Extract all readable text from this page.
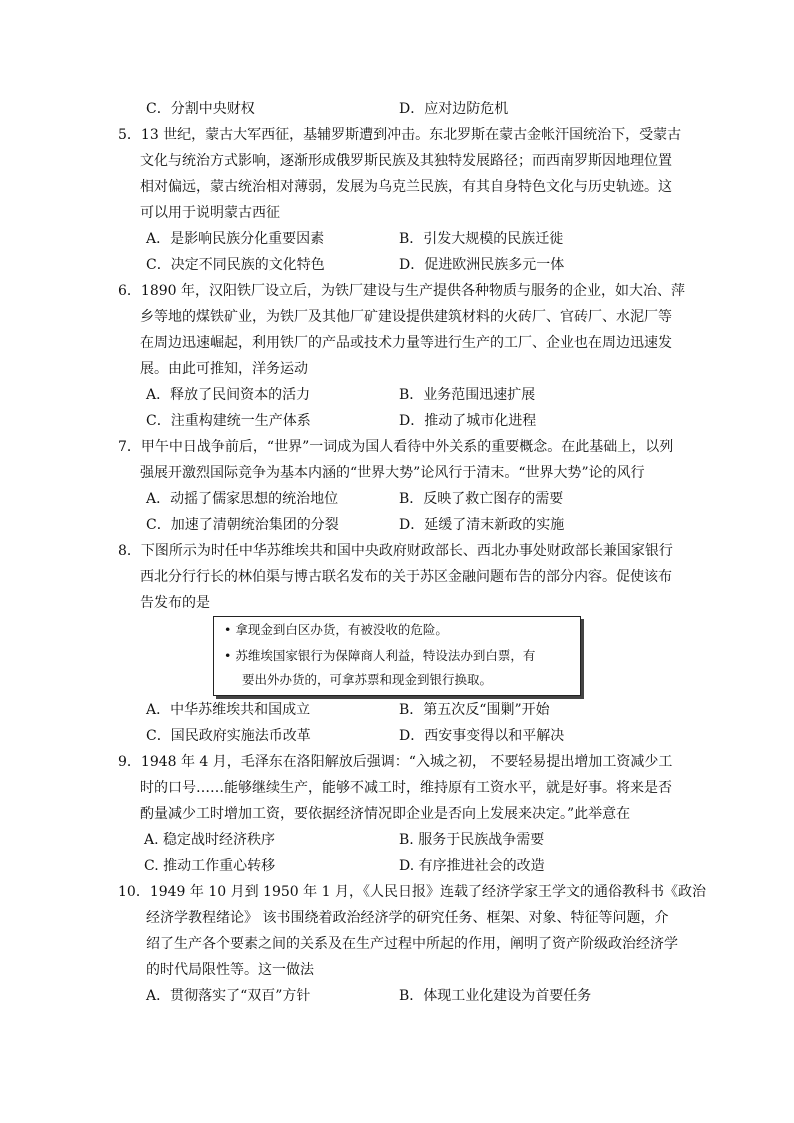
C．分割中央财权	D．应对边防危机
5．13 世纪，蒙古大军西征，基辅罗斯遭到冲击。东北罗斯在蒙古金帐汗国统治下，受蒙古
文化与统治方式影响，逐渐形成俄罗斯民族及其独特发展路径；而西南罗斯因地理位置
相对偏远，蒙古统治相对薄弱，发展为乌克兰民族，有其自身特色文化与历史轨迹。这
可以用于说明蒙古西征
A．是影响民族分化重要因素	B．引发大规模的民族迁徙
C．决定不同民族的文化特色	D．促进欧洲民族多元一体
6．1890 年，汉阳铁厂设立后，为铁厂建设与生产提供各种物质与服务的企业，如大冶、萍
乡等地的煤铁矿业，为铁厂及其他厂矿建设提供建筑材料的火砖厂、官砖厂、水泥厂等
在周边迅速崛起，利用铁厂的产品或技术力量等进行生产的工厂、企业也在周边迅速发
展。由此可推知，洋务运动
A．释放了民间资本的活力	B．业务范围迅速扩展
C．注重构建统一生产体系	D．推动了城市化进程
7．甲午中日战争前后，“世界”一词成为国人看待中外关系的重要概念。在此基础上，以列
强展开激烈国际竞争为基本内涵的“世界大势”论风行于清末。“世界大势”论的风行
A．动摇了儒家思想的统治地位	B．反映了救亡图存的需要
C．加速了清朝统治集团的分裂	D．延缓了清末新政的实施
8．下图所示为时任中华苏维埃共和国中央政府财政部长、西北办事处财政部长兼国家银行
西北分行行长的林伯渠与博古联名发布的关于苏区金融问题布告的部分内容。促使该布
告发布的是
• 拿现金到白区办货，有被没收的危险。
• 苏维埃国家银行为保障商人利益，特设法办到白票，有
要出外办货的，可拿苏票和现金到银行换取。
A．中华苏维埃共和国成立	B．第五次反“围剿”开始
C．国民政府实施法币改革	D．西安事变得以和平解决
9．1948 年 4 月，毛泽东在洛阳解放后强调：“入城之初， 不要轻易提出增加工资减少工
时的口号……能够继续生产，能够不减工时，维持原有工资水平，就是好事。将来是否
酌量减少工时增加工资，要依据经济情况即企业是否向上发展来决定。”此举意在
A. 稳定战时经济秩序	B. 服务于民族战争需要
C. 推动工作重心转移	D. 有序推进社会的改造
10．1949 年 10 月到 1950 年 1 月，《人民日报》连载了经济学家王学文的通俗教科书《政治
经济学教程绪论》 该书围绕着政治经济学的研究任务、框架、对象、特征等问题，介
绍了生产各个要素之间的关系及在生产过程中所起的作用，阐明了资产阶级政治经济学
的时代局限性等。这一做法
A．贯彻落实了“双百”方针	B．体现工业化建设为首要任务
